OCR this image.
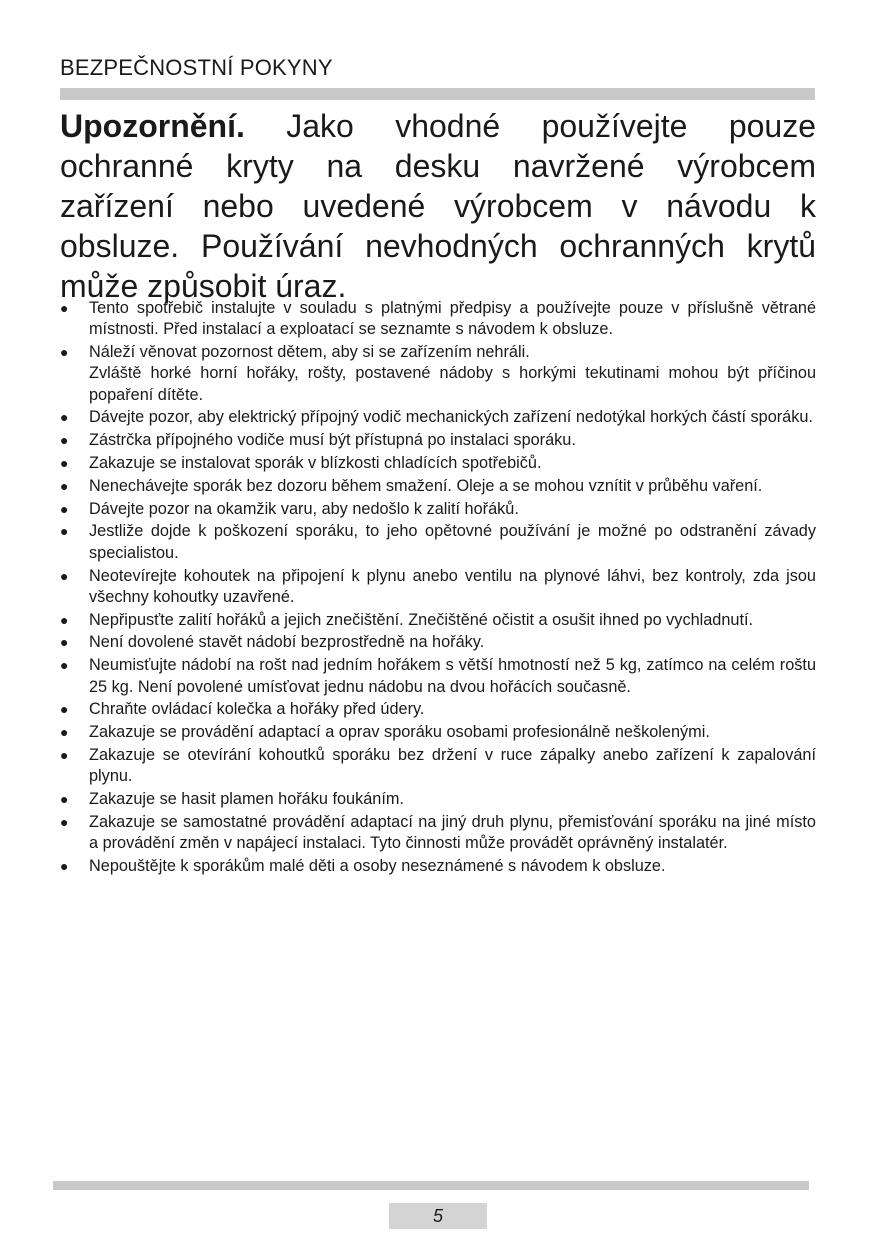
BEZPEČNOSTNÍ POKYNY
Upozornění. Jako vhodné používejte pouze ochranné kryty na desku navržené výrobcem zařízení nebo uvedené výrobcem v návodu k obsluze. Používání nevhodných ochranných krytů může způsobit úraz.
● Tento spotřebič instalujte v souladu s platnými předpisy a používejte pouze v příslušně větrané místnosti. Před instalací a exploatací se seznamte s návodem k obsluze.
● Náleží věnovat pozornost dětem, aby si se zařízením nehráli.
Zvláště horké horní hořáky, rošty, postavené nádoby s horkými tekutinami mohou být příčinou popaření dítěte.
● Dávejte pozor, aby elektrický přípojný vodič mechanických zařízení nedotýkal horkých částí sporáku.
● Zástrčka přípojného vodiče musí být přístupná po instalaci sporáku.
● Zakazuje se instalovat sporák v blízkosti chladících spotřebičů.
● Nenechávejte sporák bez dozoru během smažení. Oleje a se mohou vznítit v průběhu vaření.
● Dávejte pozor na okamžik varu, aby nedošlo k zalití hořáků.
● Jestliže dojde k poškození sporáku, to jeho opětovné používání je možné po odstranění závady specialistou.
● Neotevírejte kohoutek na připojení k plynu anebo ventilu na plynové láhvi, bez kontroly, zda jsou všechny kohoutky uzavřené.
● Nepřipusťte zalití hořáků a jejich znečištění. Znečištěné očistit a osušit ihned po vychladnutí.
● Není dovolené stavět nádobí bezprostředně na hořáky.
● Neumisťujte nádobí na rošt nad jedním hořákem s větší hmotností než 5 kg, zatímco na celém roštu 25 kg. Není povolené umísťovat jednu nádobu na dvou hořácích současně.
● Chraňte ovládací kolečka a hořáky před údery.
● Zakazuje se provádění adaptací a oprav sporáku osobami profesionálně neškolenými.
● Zakazuje se otevírání kohoutků sporáku bez držení v ruce zápalky anebo zařízení k zapalování plynu.
● Zakazuje se hasit plamen hořáku foukáním.
● Zakazuje se samostatné provádění adaptací na jiný druh plynu, přemisťování sporáku na jiné místo a provádění změn v napájecí instalaci. Tyto činnosti může provádět oprávněný instalatér.
● Nepouštějte k sporákům malé děti a osoby neseznámené s návodem k obsluze.
5
